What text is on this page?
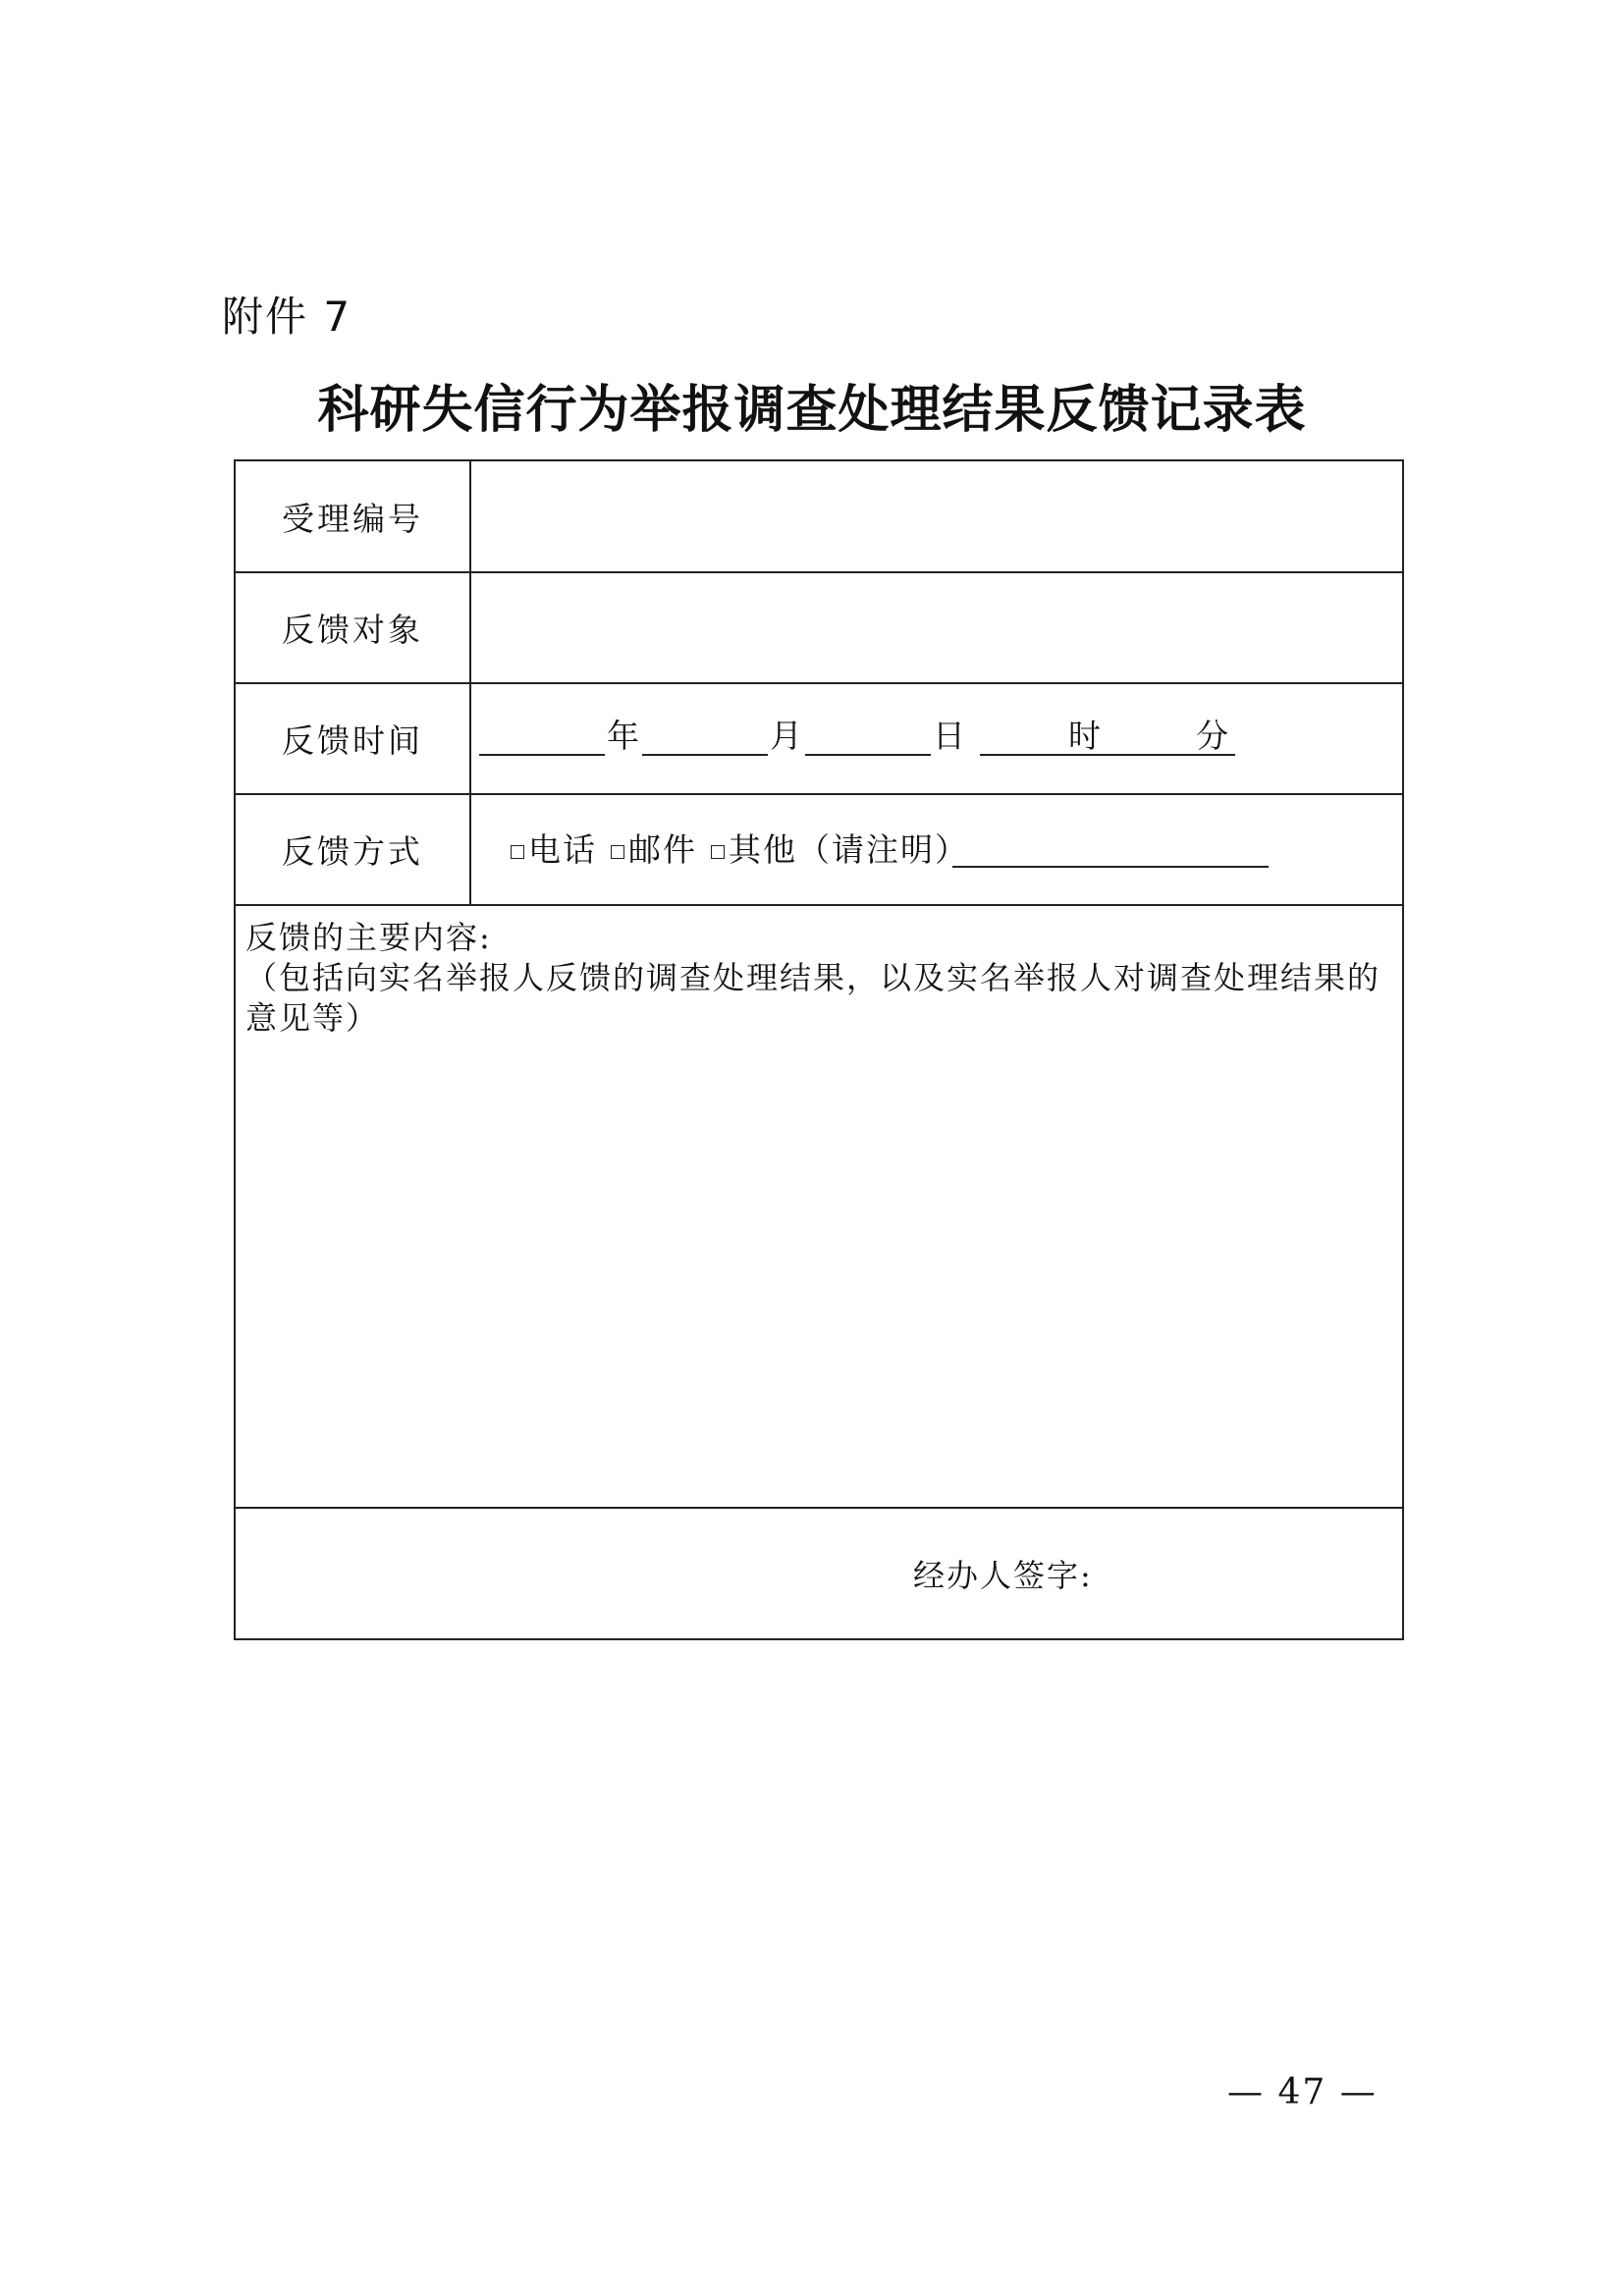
附件 7
科研失信行为举报调查处理结果反馈记录表
受理编号
反馈对象
反馈时间	年	月	日	时	分
反馈方式	电话 邮件 其他（请注明）

反馈的主要内容:

（包括向实名举报人反馈的调查处理结果，以及实名举报人对调查处理结果的意见等）

经办人签字:
— 47 —
